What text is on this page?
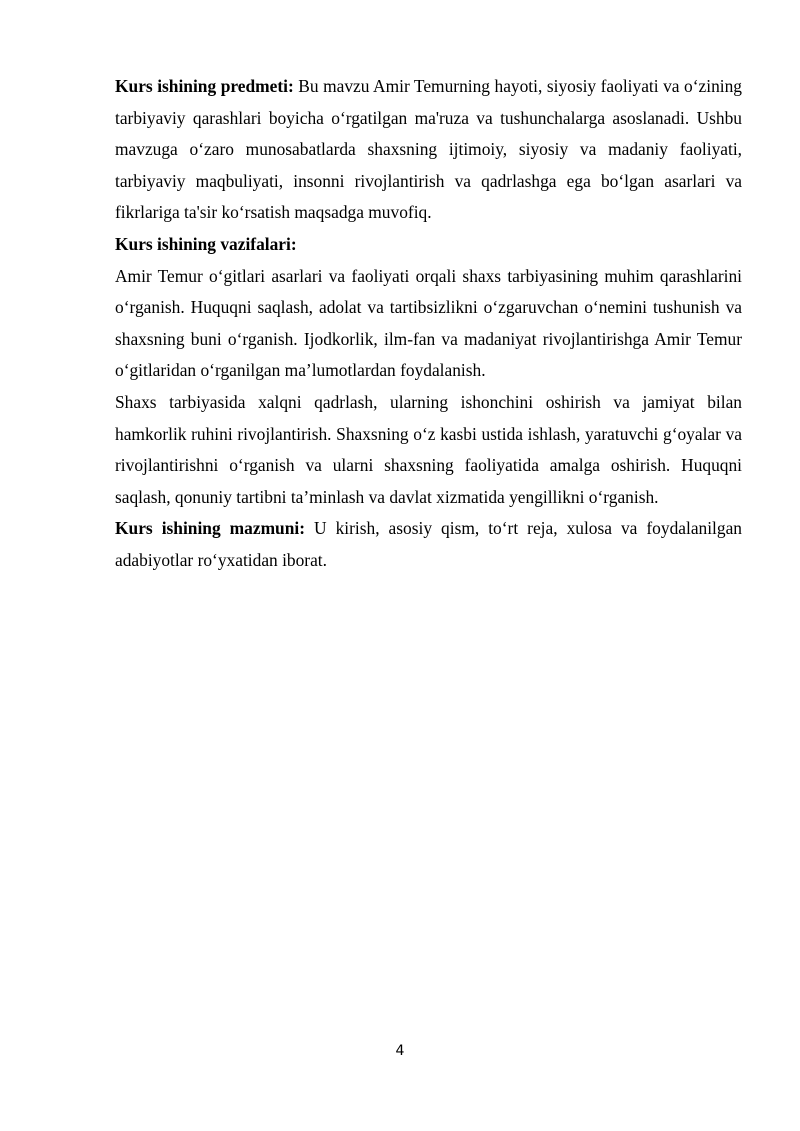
Kurs ishining predmeti: Bu mavzu Amir Temurning hayoti, siyosiy faoliyati va o‘zining tarbiyaviy qarashlari boyicha o‘rgatilgan ma'ruza va tushunchalarga asoslanadi. Ushbu mavzuga o‘zaro munosabatlarda shaxsning ijtimoiy, siyosiy va madaniy faoliyati, tarbiyaviy maqbuliyati, insonni rivojlantirish va qadrlashga ega bo‘lgan asarlari va fikrlariga ta'sir ko‘rsatish maqsadga muvofiq.

Kurs ishining vazifalari:

Amir Temur o‘gitlari asarlari va faoliyati orqali shaxs tarbiyasining muhim qarashlarini o‘rganish. Huquqni saqlash, adolat va tartibsizlikni o‘zgaruvchan o‘nemini tushunish va shaxsning buni o‘rganish. Ijodkorlik, ilm-fan va madaniyat rivojlantirishga Amir Temur o‘gitlaridan o‘rganilgan ma’lumotlardan foydalanish.

Shaxs tarbiyasida xalqni qadrlash, ularning ishonchini oshirish va jamiyat bilan hamkorlik ruhini rivojlantirish. Shaxsning o‘z kasbi ustida ishlash, yaratuvchi g‘oyalar va rivojlantirishni o‘rganish va ularni shaxsning faoliyatida amalga oshirish. Huquqni saqlash, qonuniy tartibni ta’minlash va davlat xizmatida yengillikni o‘rganish.

Kurs ishining mazmuni: U kirish, asosiy qism, to‘rt reja, xulosa va foydalanilgan adabiyotlar ro‘yxatidan iborat.

4
